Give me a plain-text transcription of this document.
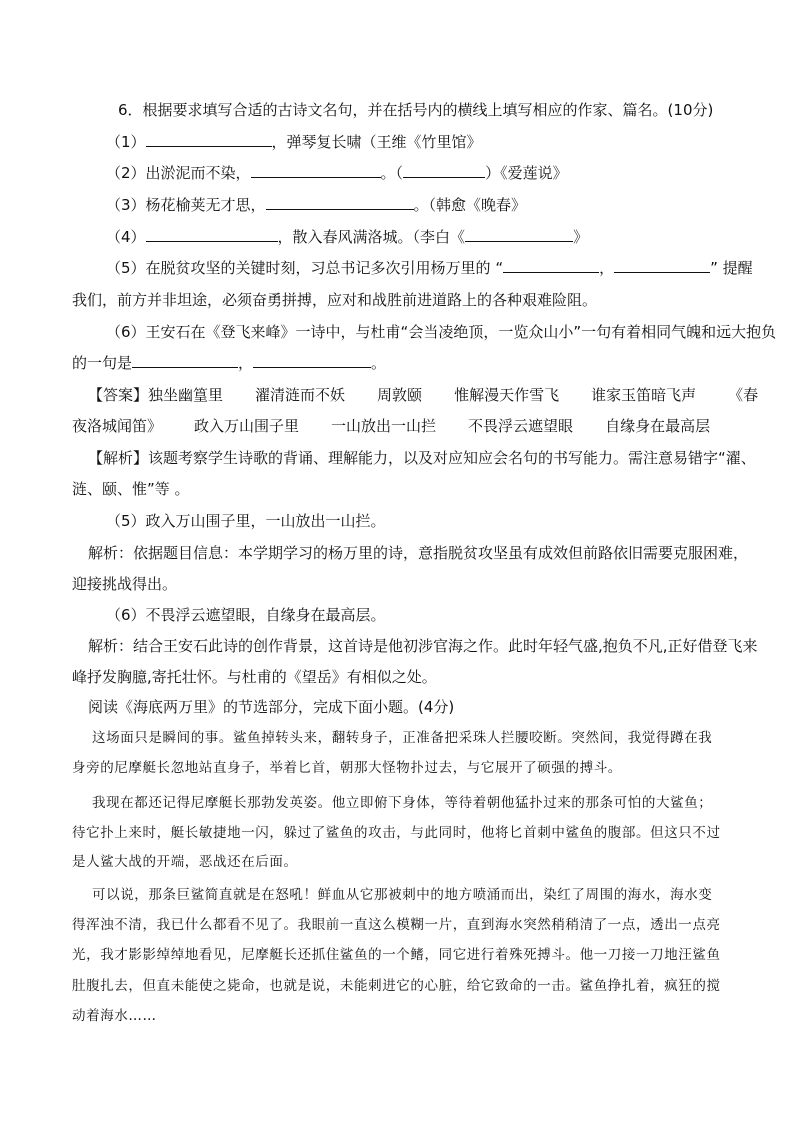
6．根据要求填写合适的古诗文名句，并在括号内的横线上填写相应的作家、篇名。(10分)
（1）	，弹琴复长啸（王维《竹里馆》
（2）出淤泥而不染，	。（	）《爱莲说》
（3）杨花榆荚无才思，	。（韩愈《晚春》
（4）	，散入春风满洛城。（李白《	》
（5）在脱贫攻坚的关键时刻，习总书记多次引用杨万里的 “	，	” 提醒
我们，前方并非坦途，必须奋勇拼搏，应对和战胜前进道路上的各种艰难险阻。
（6）王安石在《登飞来峰》一诗中，与杜甫“会当凌绝顶，一览众山小”一句有着相同气魄和远大抱负
的一句是	，	。
【答案】独坐幽篁里 濯清涟而不妖 周敦颐 惟解漫天作雪飞 谁家玉笛暗飞声 《春
夜洛城闻笛》 政入万山围子里 一山放出一山拦 不畏浮云遮望眼 自缘身在最高层
【解析】该题考察学生诗歌的背诵、理解能力，以及对应知应会名句的书写能力。需注意易错字“濯、
涟、颐、惟”等 。
（5）政入万山围子里，一山放出一山拦。
解析：依据题目信息：本学期学习的杨万里的诗，意指脱贫攻坚虽有成效但前路依旧需要克服困难，
迎接挑战得出。
（6）不畏浮云遮望眼，自缘身在最高层。
解析：结合王安石此诗的创作背景，这首诗是他初涉官海之作。此时年轻气盛,抱负不凡,正好借登飞来
峰抒发胸臆,寄托壮怀。与杜甫的《望岳》有相似之处。
阅读《海底两万里》的节选部分，完成下面小题。(4分)
这场面只是瞬间的事。鲨鱼掉转头来，翻转身子，正准备把采珠人拦腰咬断。突然间，我觉得蹲在我
身旁的尼摩艇长忽地站直身子，举着匕首，朝那大怪物扑过去，与它展开了硕强的搏斗。
我现在都还记得尼摩艇长那勃发英姿。他立即俯下身体，等待着朝他猛扑过来的那条可怕的大鲨鱼；
待它扑上来时，艇长敏捷地一闪，躲过了鲨鱼的攻击，与此同时，他将匕首刺中鲨鱼的腹部。但这只不过
是人鲨大战的开端，恶战还在后面。
可以说，那条巨鲨简直就是在怒吼！鲜血从它那被刺中的地方喷涌而出，染红了周围的海水，海水变
得浑浊不清，我已什么都看不见了。我眼前一直这么模糊一片，直到海水突然稍稍清了一点，透出一点亮
光，我才影影绰绰地看见，尼摩艇长还抓住鲨鱼的一个鳍，同它进行着殊死搏斗。他一刀接一刀地汪鲨鱼
肚腹扎去，但直未能使之毙命，也就是说，未能刺进它的心脏，给它致命的一击。鲨鱼挣扎着，疯狂的搅
动着海水……
